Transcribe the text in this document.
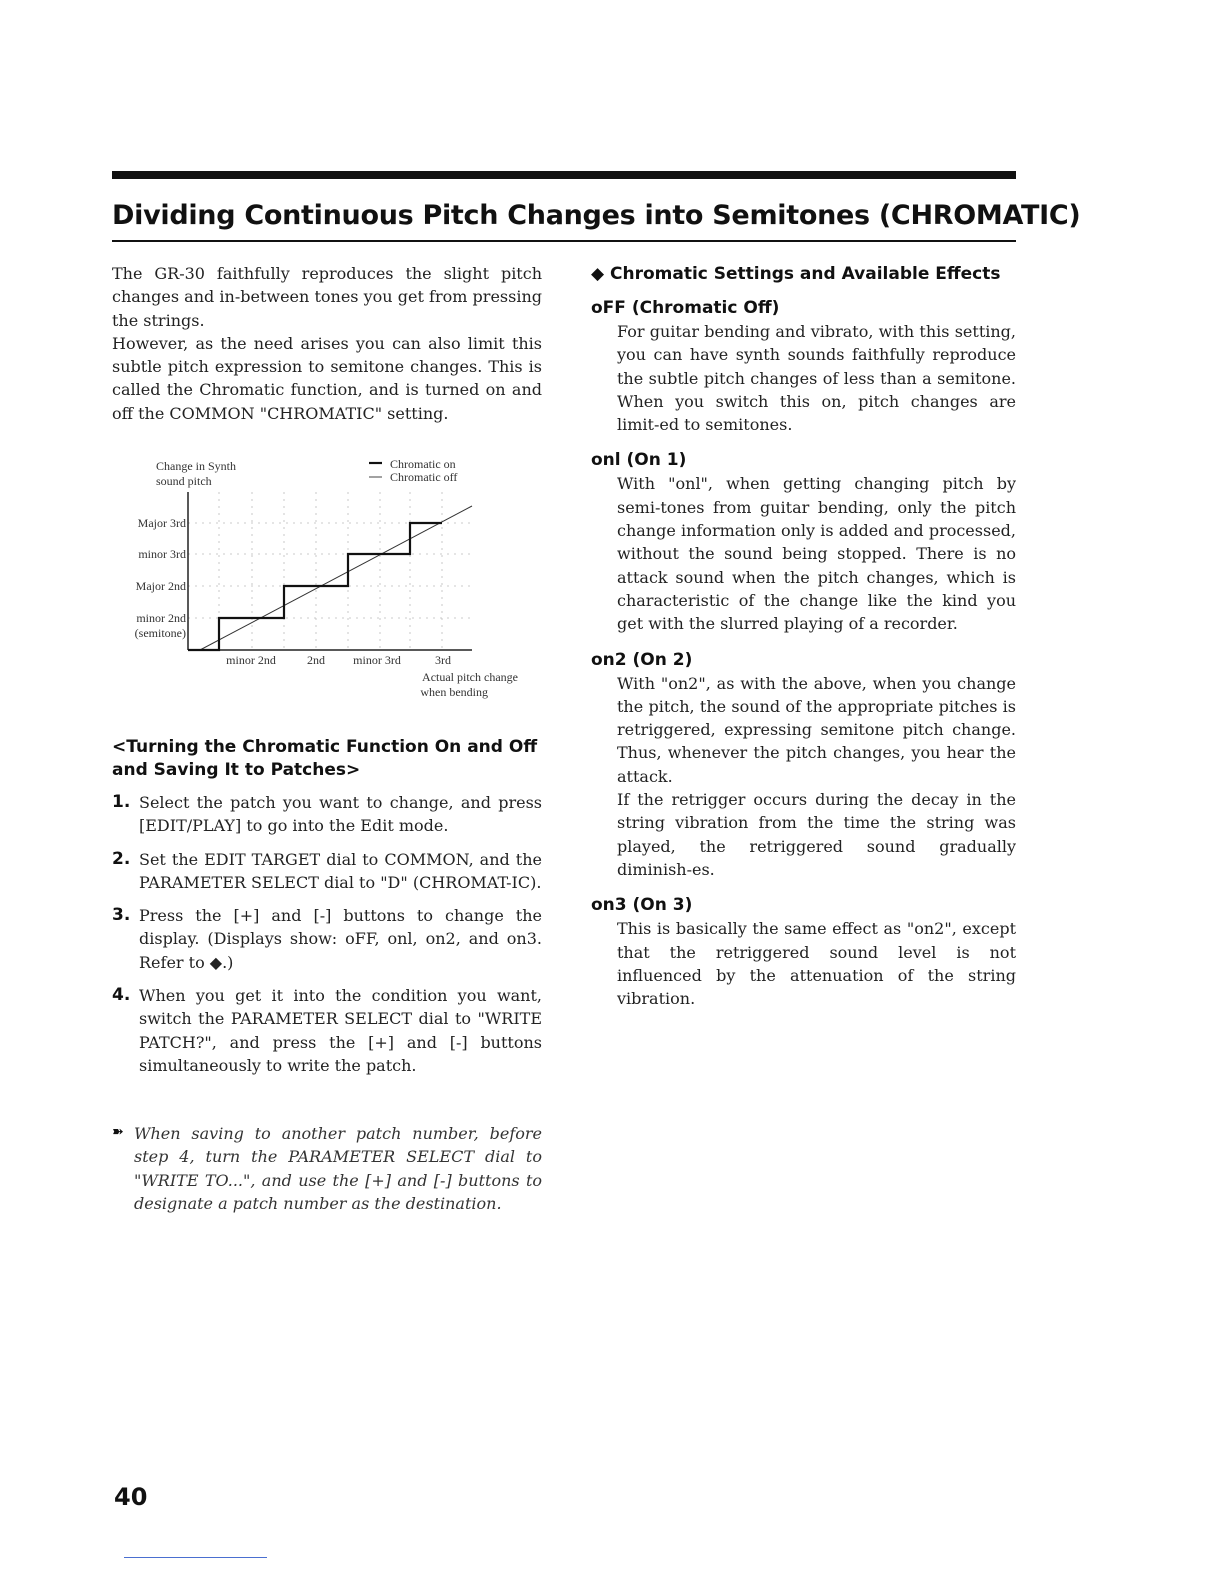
Dividing Continuous Pitch Changes into Semitones (CHROMATIC)

The GR-30 faithfully reproduces the slight pitch changes and in-between tones you get from pressing the strings.

However, as the need arises you can also limit this subtle pitch expression to semitone changes. This is called the Chromatic function, and is turned on and off the COMMON "CHROMATIC" setting.

Change in Synth
sound pitch
Chromatic on
Chromatic off
Major 3rd
minor 3rd
Major 2nd
minor 2nd
(semitone)
minor 2nd	2nd minor 3rd	3rd
Actual pitch change
when bending
<Turning the Chromatic Function On and Off and Saving It to Patches>
1. Select the patch you want to change, and press [EDIT/PLAY] to go into the Edit mode.
2. Set the EDIT TARGET dial to COMMON, and the PARAMETER SELECT dial to "D" (CHROMAT-IC).
3. Press the [+] and [-] buttons to change the display. (Displays show: oFF, onl, on2, and on3. Refer to ◆.)
4. When you get it into the condition you want, switch the PARAMETER SELECT dial to "WRITE PATCH?", and press the [+] and [-] buttons simultaneously to write the patch.
➽ When saving to another patch number, before step 4, turn the PARAMETER SELECT dial to "WRITE TO...", and use the [+] and [-] buttons to designate a patch number as the destination.
◆ Chromatic Settings and Available Effects
oFF (Chromatic Off)

For guitar bending and vibrato, with this setting, you can have synth sounds faithfully reproduce the subtle pitch changes of less than a semitone. When you switch this on, pitch changes are limit-ed to semitones.

onl (On 1)

With "onl", when getting changing pitch by semi-tones from guitar bending, only the pitch change information only is added and processed, without the sound being stopped. There is no attack sound when the pitch changes, which is characteristic of the change like the kind you get with the slurred playing of a recorder.

on2 (On 2)

With "on2", as with the above, when you change the pitch, the sound of the appropriate pitches is retriggered, expressing semitone pitch change. Thus, whenever the pitch changes, you hear the attack.
If the retrigger occurs during the decay in the string vibration from the time the string was played, the retriggered sound gradually diminish-es.

on3 (On 3)

This is basically the same effect as "on2", except that the retriggered sound level is not influenced by the attenuation of the string vibration.

40
